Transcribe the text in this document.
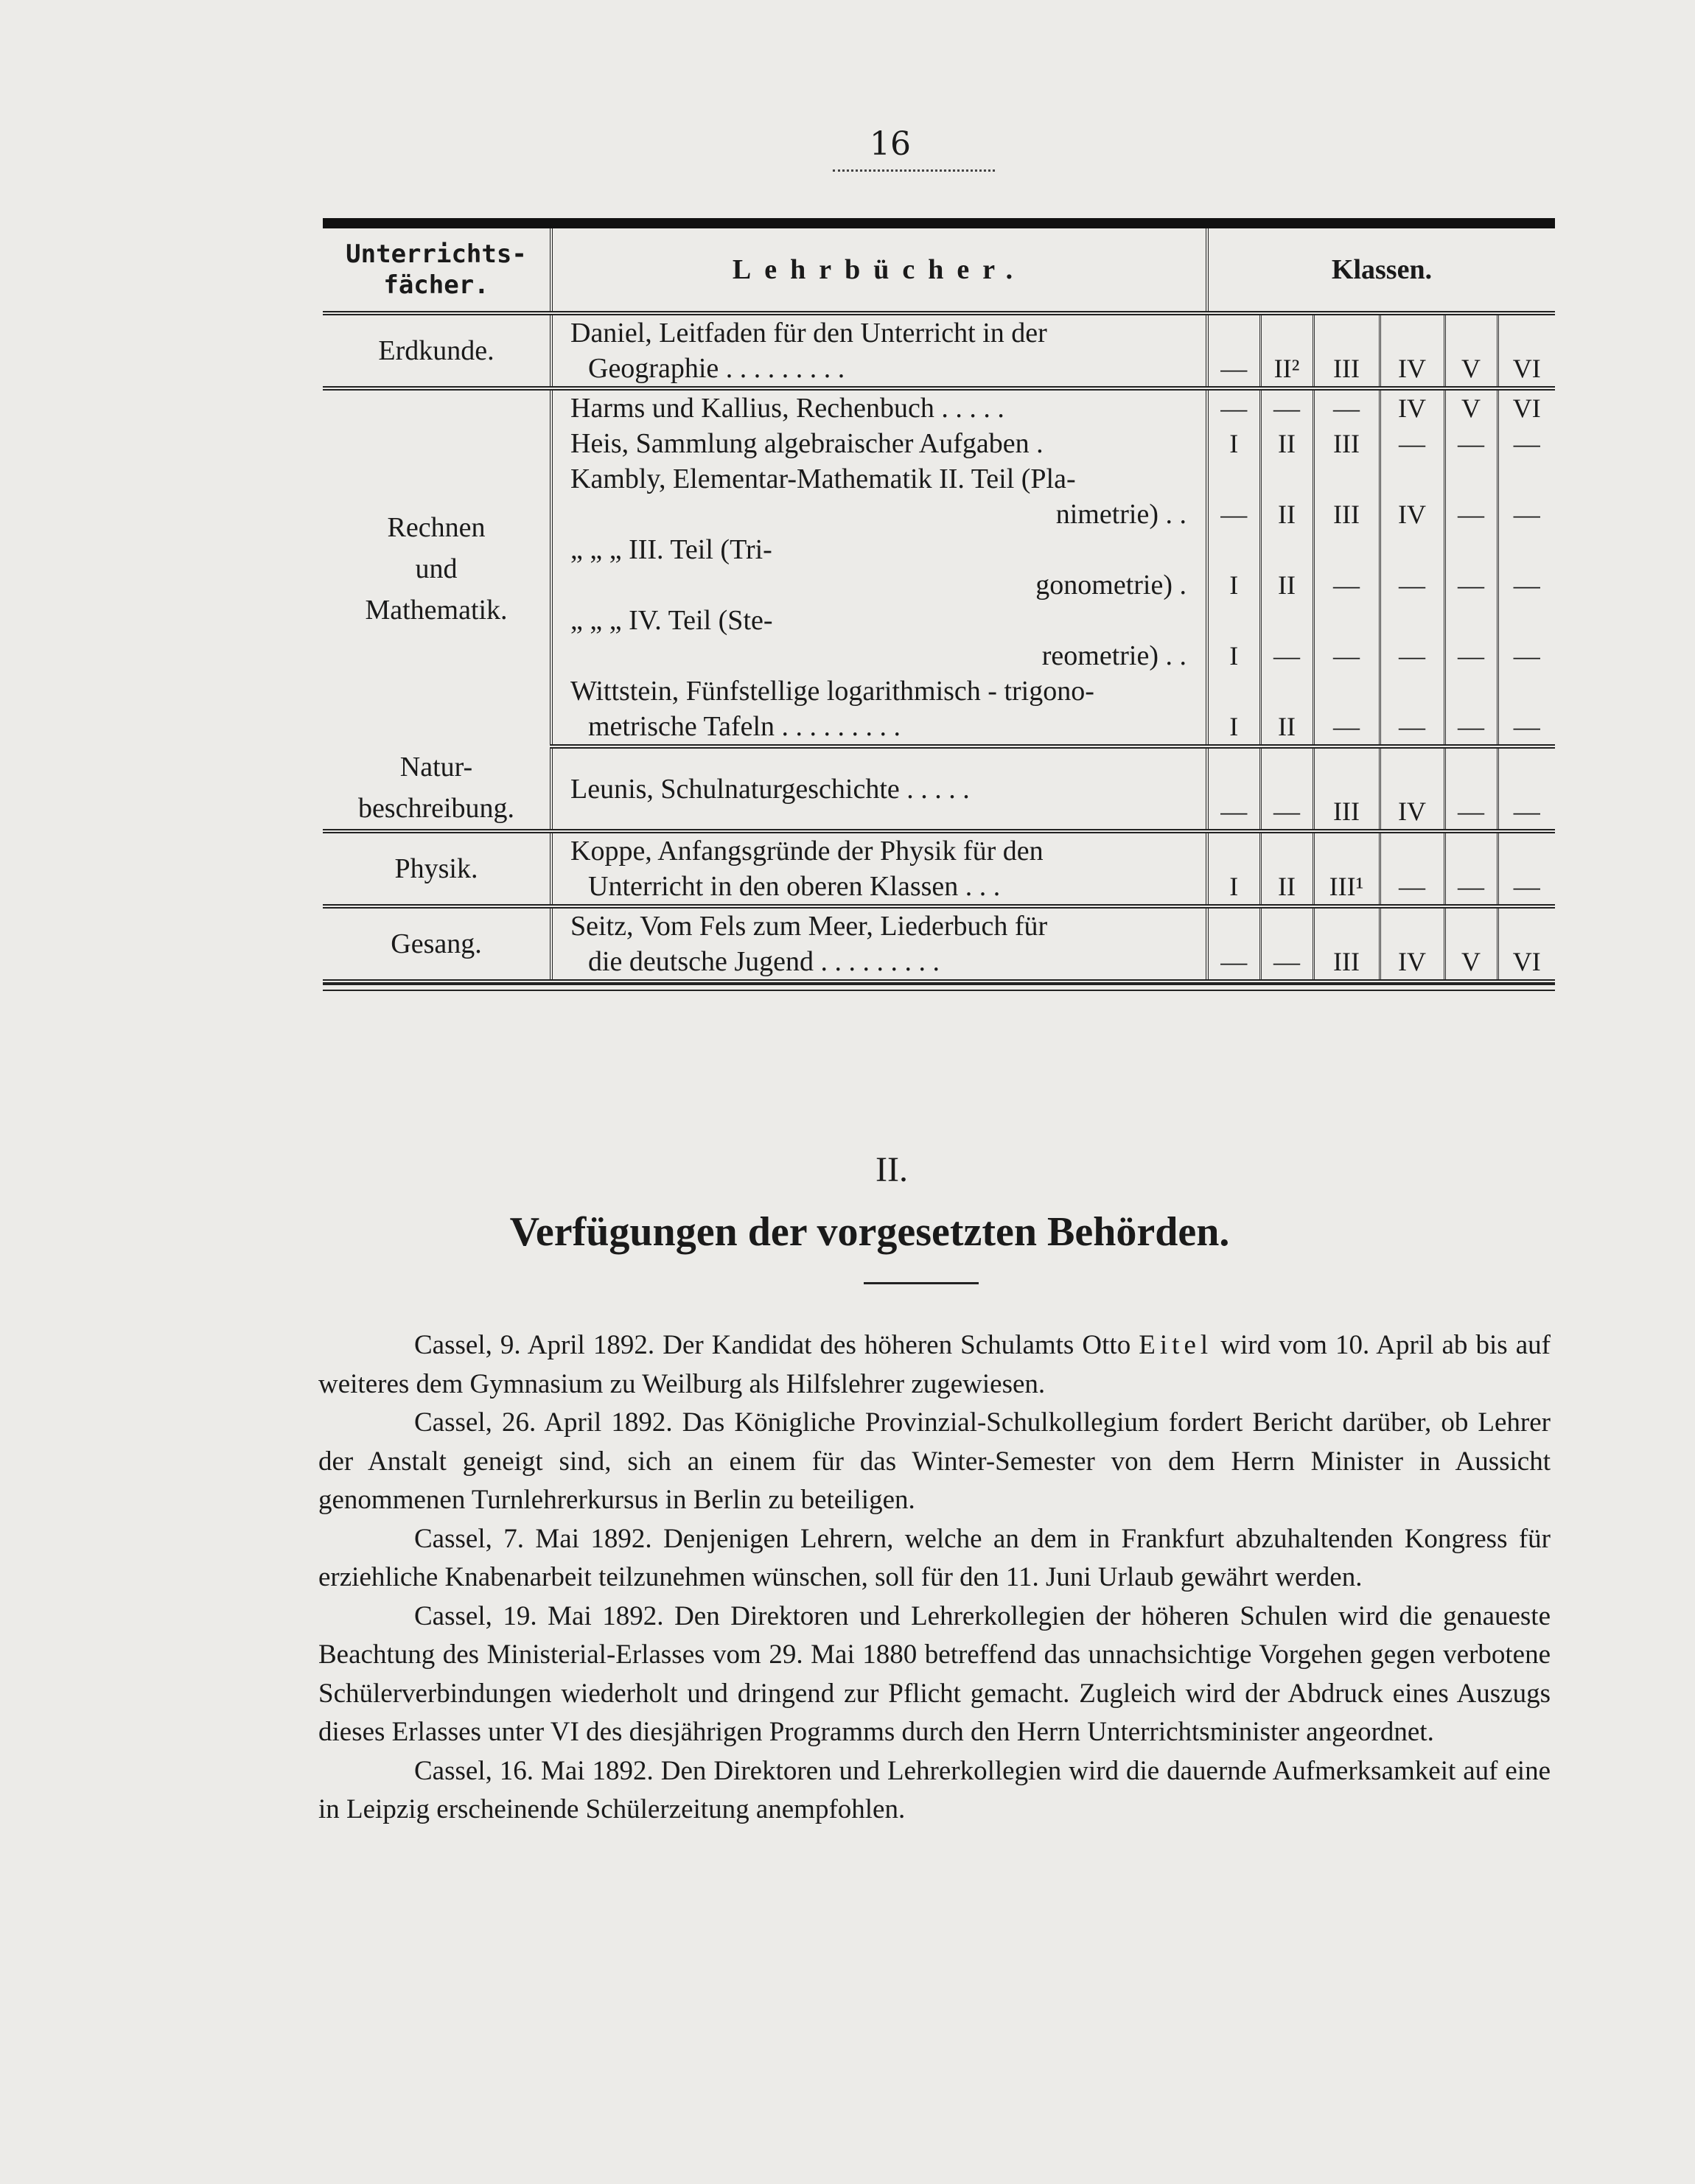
16
Unterrichts-
fächer.	Lehrbücher.	Klassen.					
Erdkunde.	Daniel, Leitfaden für den Unterricht in der
Geographie . . . . . . . . .	—	II²	III	IV	V	VI

Rechnen
und
Mathematik.	Harms und Kallius, Rechenbuch . . . . .	—	—	—	IV	V	VI

	Heis, Sammlung algebraischer Aufgaben .	I	II	III	—	—	—

	Kambly, Elementar-Mathematik II. Teil (Pla-
nimetrie) . .	—	II	III	IV	—	—

	„ „ „ III. Teil (Tri-
gonometrie) .	I	II	—	—	—	—

	„ „ „ IV. Teil (Ste-
reometrie) . .	I	—	—	—	—	—

	Wittstein, Fünfstellige logarithmisch - trigono-
metrische Tafeln . . . . . . . . .	I	II	—	—	—	—

Natur-
beschreibung.	Leunis, Schulnaturgeschichte . . . . .	—	—	III	IV	—	—

Physik.	Koppe, Anfangsgründe der Physik für den
Unterricht in den oberen Klassen . . .	I	II	III¹	—	—	—

Gesang.	Seitz, Vom Fels zum Meer, Liederbuch für
die deutsche Jugend . . . . . . . . .	—	—	III	IV	V	VI
II.
Verfügungen der vorgesetzten Behörden.

Cassel, 9. April 1892. Der Kandidat des höheren Schulamts Otto Eitel wird vom 10. April ab bis auf weiteres dem Gymnasium zu Weilburg als Hilfslehrer zugewiesen.

Cassel, 26. April 1892. Das Königliche Provinzial-Schulkollegium fordert Bericht darüber, ob Lehrer der Anstalt geneigt sind, sich an einem für das Winter-Semester von dem Herrn Minister in Aussicht genommenen Turnlehrerkursus in Berlin zu beteiligen.

Cassel, 7. Mai 1892. Denjenigen Lehrern, welche an dem in Frankfurt abzuhaltenden Kongress für erziehliche Knabenarbeit teilzunehmen wünschen, soll für den 11. Juni Urlaub gewährt werden.

Cassel, 19. Mai 1892. Den Direktoren und Lehrerkollegien der höheren Schulen wird die genaueste Beachtung des Ministerial-Erlasses vom 29. Mai 1880 betreffend das unnachsichtige Vorgehen gegen verbotene Schülerverbindungen wiederholt und dringend zur Pflicht gemacht. Zugleich wird der Abdruck eines Auszugs dieses Erlasses unter VI des diesjährigen Programms durch den Herrn Unterrichtsminister angeordnet.

Cassel, 16. Mai 1892. Den Direktoren und Lehrerkollegien wird die dauernde Aufmerksamkeit auf eine in Leipzig erscheinende Schülerzeitung anempfohlen.
